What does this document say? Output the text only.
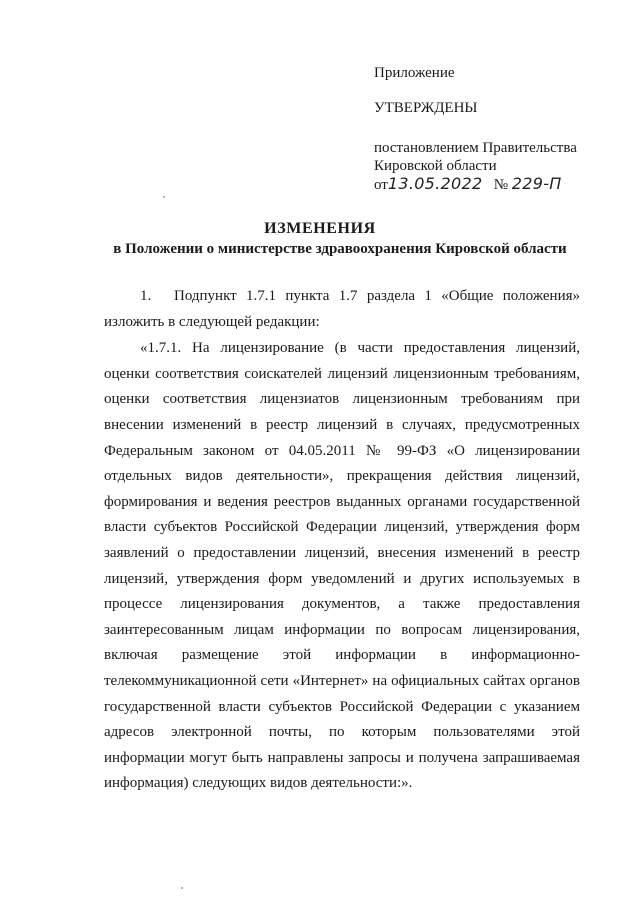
Приложение
УТВЕРЖДЕНЫ
постановлением Правительства
Кировской области
от13.05.2022 № 229-П
ИЗМЕНЕНИЯ
в Положении о министерстве здравоохранения Кировской области

1. Подпункт 1.7.1 пункта 1.7 раздела 1 «Общие положения» изложить в следующей редакции:

«1.7.1. На лицензирование (в части предоставления лицензий, оценки соответствия соискателей лицензий лицензионным требованиям, оценки соответствия лицензиатов лицензионным требованиям при внесении изменений в реестр лицензий в случаях, предусмотренных Федеральным законом от 04.05.2011 № 99-ФЗ «О лицензировании отдельных видов деятельности», прекращения действия лицензий, формирования и ведения реестров выданных органами государственной власти субъектов Российской Федерации лицензий, утверждения форм заявлений о предоставлении лицензий, внесения изменений в реестр лицензий, утверждения форм уведомлений и других используемых в процессе лицензирования документов, а также предоставления заинтересованным лицам информации по вопросам лицензирования, включая размещение этой информации в информационно-телекоммуникационной сети «Интернет» на официальных сайтах органов государственной власти субъектов Российской Федерации с указанием адресов электронной почты, по которым пользователями этой информации могут быть направлены запросы и получена запрашиваемая информация) следующих видов деятельности:».
